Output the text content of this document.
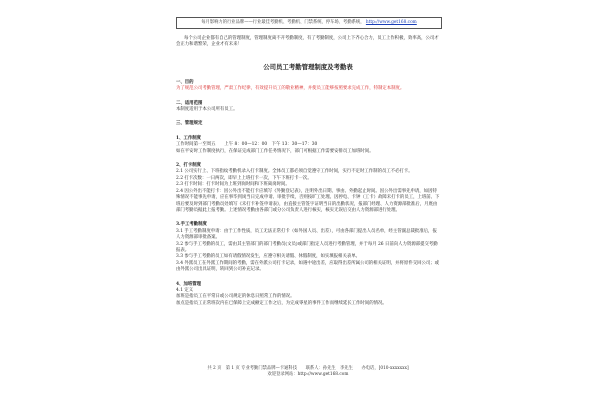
每月影响力的行业品牌——行业最佳考勤机、考勤机、门禁系统、停车场、考勤系统， http://www.get168.com

每个公司企业都有自己的管理制度，管理制度离不开考勤制度，有了考勤制度，公司上下齐心合力，员工上作积极，效率高，公司才会正力和谐繁荣，企业才有未来！

公司员工考勤管理制度及考勤表

一、目的

为了规范公司考勤管理，严肃工作纪律，有效提升员工的敬业精神，并使员工能够按照要求完成工作，特制定本制度。

二、适用范围

本制度适用于本公司所有员工。

三、管理规定

1、工作制度

工作时间第一至周五　　上午 8：00—12：00　下午 13：30—17：30

如在平安时工作制度执行，在保证完成部门工作任务情况下，部门可根据工作需要安排员工加班时间。

2、打卡制度

2.1 公司实行上、下班指纹考勤机录入打卡制度。全体员工都必须自觉遵守工作时间，实行不定时工作制的员工不必打卡。

2.2 打卡次数：一日两次，即早上上班打卡一次，下午下班打卡一次。

2.3 打卡时间：打卡时间为上班到岗时间和下班离岗时间。

2.4 因公外出不能打卡：因公外出不能打卡应填写《外勤登记表》，注明外出日期、事由、外勤起止时间。因公外出需事先申请，如因特殊情况不能事先申请，应在事毕到岗当日完成申请、审批手续，否则按旷工处理。因停电、卡钟（工卡）故障未打卡的员工，上班前、下班后要及时到部门考勤员处填写《未打卡补签申请表》，由直接主管签字证明当日的出勤状况，报部门经理、人力资源部批准后，月底由部门考勤员据此上报考勤。上述情况考勤由各部门或分公司负责人进行核实，核实无误后交由人力资源部进行处理。

3.手工考勤制度

3.1 手工考勤制度申请：由于工作性质，员工无法正常打卡（如外国人员、出差），可由各部门提出人员名单，经主管副总裁批准后，报人力资源部审批备案。

3.2 参与手工考勤的员工，需由其主管部门的部门考勤员(文员)或部门指定人员进行考勤管理，并于每月 26 日前向人力资源部提交考勤报表。

3.3 参与手工考勤的员工如有请假情况发生，应遵守相关请假、休假制度，如实填报相关表单。

3.4 外派员工在外派工作期间的考勤，需在外派公司打卡记录，如遇中途出差，应取得出差所属公司的相关证明，并将原件交回公司；或由外派公司出具证明，转回到公司补充记录。

4、加班管理

4.1 定义

加班是指员工在平常日或公司规定的休息日照常工作的情况。

加点是指员工正常班次内在已保障上完成额定工作之后，为完成零星的事件工作而继续延长工作时间的情况。

共 2 页　第 1 页 专业考勤门禁品牌—卡通科技　　联系人：孙先生　李先生　　办电话，[010-xxxxxxx]
欢迎登录网站：http://www.get168.com
